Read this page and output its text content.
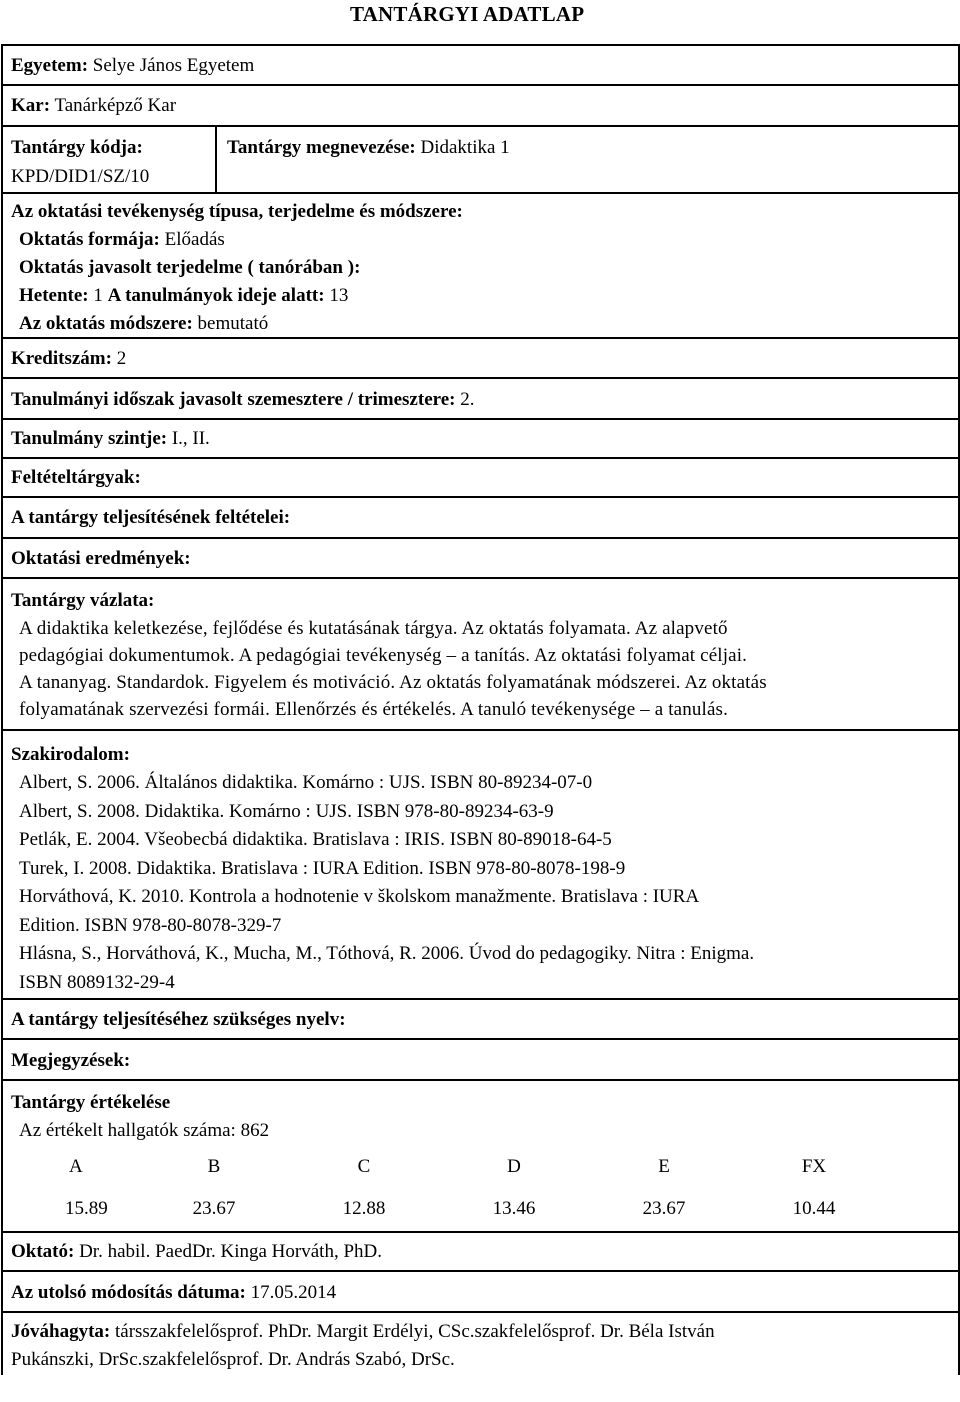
TANTÁRGYI ADATLAP
Egyetem: Selye János Egyetem
Kar: Tanárképző Kar
Tantárgy kódja:
KPD/DID1/SZ/10
Tantárgy megnevezése: Didaktika 1
Az oktatási tevékenység típusa, terjedelme és módszere:
Oktatás formája: Előadás
Oktatás javasolt terjedelme ( tanórában ):
Hetente: 1 A tanulmányok ideje alatt: 13
Az oktatás módszere: bemutató
Kreditszám: 2
Tanulmányi időszak javasolt szemesztere / trimesztere: 2.
Tanulmány szintje: I., II.
Feltételtárgyak:
A tantárgy teljesítésének feltételei:
Oktatási eredmények:
Tantárgy vázlata:
A didaktika keletkezése, fejlődése és kutatásának tárgya. Az oktatás folyamata. Az alapvető
pedagógiai dokumentumok. A pedagógiai tevékenység – a tanítás. Az oktatási folyamat céljai.
A tananyag. Standardok. Figyelem és motiváció. Az oktatás folyamatának módszerei. Az oktatás
folyamatának szervezési formái. Ellenőrzés és értékelés. A tanuló tevékenysége – a tanulás.
Szakirodalom:
Albert, S. 2006. Általános didaktika. Komárno : UJS. ISBN 80-89234-07-0
Albert, S. 2008. Didaktika. Komárno : UJS. ISBN 978-80-89234-63-9
Petlák, E. 2004. Všeobecbá didaktika. Bratislava : IRIS. ISBN 80-89018-64-5
Turek, I. 2008. Didaktika. Bratislava : IURA Edition. ISBN 978-80-8078-198-9
Horváthová, K. 2010. Kontrola a hodnotenie v školskom manažmente. Bratislava : IURA
Edition. ISBN 978-80-8078-329-7
Hlásna, S., Horváthová, K., Mucha, M., Tóthová, R. 2006. Úvod do pedagogiky. Nitra : Enigma.
ISBN 8089132-29-4
A tantárgy teljesítéséhez szükséges nyelv:
Megjegyzések:
Tantárgy értékelése
Az értékelt hallgatók száma: 862
A	B	C	D	E	FX
15.89	23.67	12.88	13.46	23.67	10.44
Oktató: Dr. habil. PaedDr. Kinga Horváth, PhD.
Az utolsó módosítás dátuma: 17.05.2014
Jóváhagyta: társszakfelelősprof. PhDr. Margit Erdélyi, CSc.szakfelelősprof. Dr. Béla István
Pukánszki, DrSc.szakfelelősprof. Dr. András Szabó, DrSc.
